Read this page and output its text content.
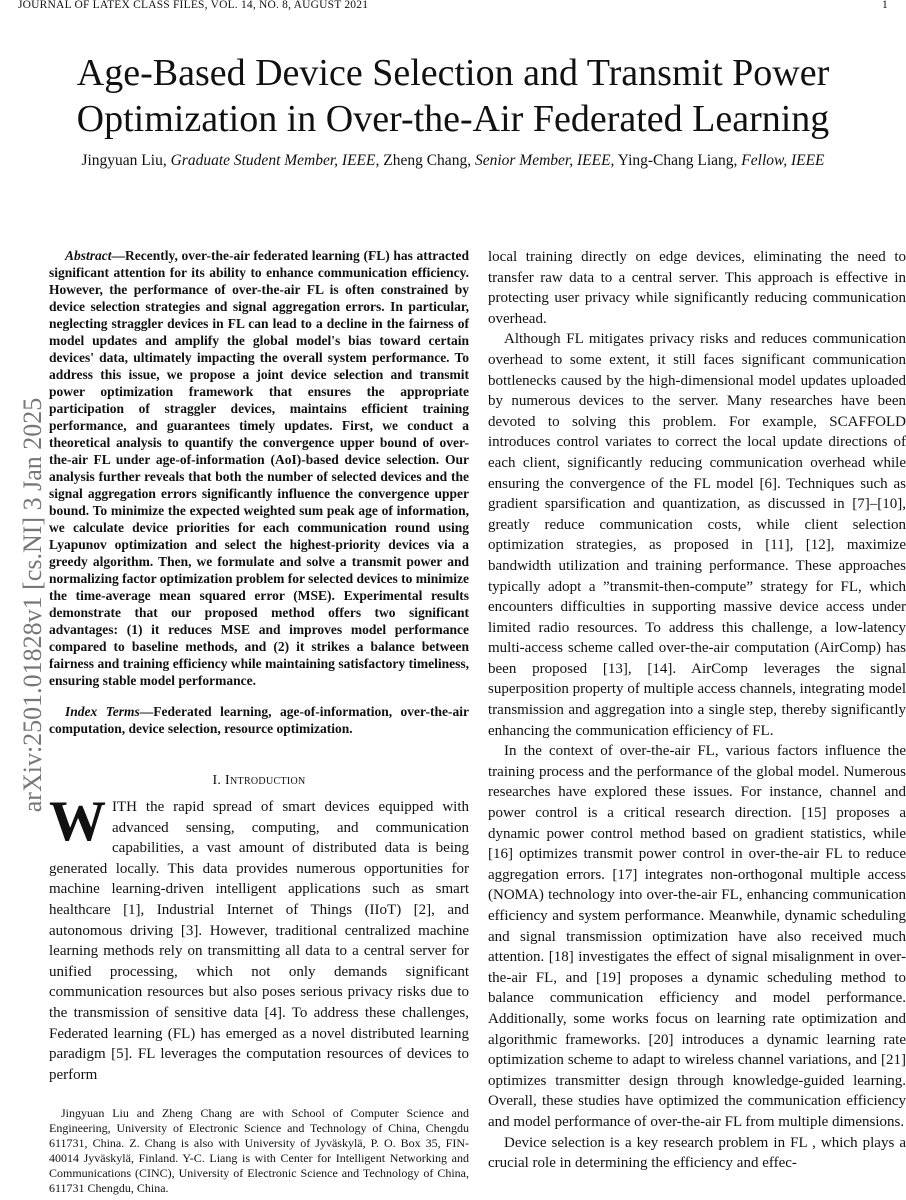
JOURNAL OF LATEX CLASS FILES, VOL. 14, NO. 8, AUGUST 2021	1
arXiv:2501.01828v1 [cs.NI] 3 Jan 2025
Age-Based Device Selection and Transmit Power Optimization in Over-the-Air Federated Learning
Jingyuan Liu, Graduate Student Member, IEEE, Zheng Chang, Senior Member, IEEE, Ying-Chang Liang, Fellow, IEEE

Abstract—Recently, over-the-air federated learning (FL) has attracted significant attention for its ability to enhance communication efficiency. However, the performance of over-the-air FL is often constrained by device selection strategies and signal aggregation errors. In particular, neglecting straggler devices in FL can lead to a decline in the fairness of model updates and amplify the global model's bias toward certain devices' data, ultimately impacting the overall system performance. To address this issue, we propose a joint device selection and transmit power optimization framework that ensures the appropriate participation of straggler devices, maintains efficient training performance, and guarantees timely updates. First, we conduct a theoretical analysis to quantify the convergence upper bound of over-the-air FL under age-of-information (AoI)-based device selection. Our analysis further reveals that both the number of selected devices and the signal aggregation errors significantly influence the convergence upper bound. To minimize the expected weighted sum peak age of information, we calculate device priorities for each communication round using Lyapunov optimization and select the highest-priority devices via a greedy algorithm. Then, we formulate and solve a transmit power and normalizing factor optimization problem for selected devices to minimize the time-average mean squared error (MSE). Experimental results demonstrate that our proposed method offers two significant advantages: (1) it reduces MSE and improves model performance compared to baseline methods, and (2) it strikes a balance between fairness and training efficiency while maintaining satisfactory timeliness, ensuring stable model performance.

Index Terms—Federated learning, age-of-information, over-the-air computation, device selection, resource optimization.

I. Introduction

WITH the rapid spread of smart devices equipped with advanced sensing, computing, and communication capabilities, a vast amount of distributed data is being generated locally. This data provides numerous opportunities for machine learning-driven intelligent applications such as smart healthcare [1], Industrial Internet of Things (IIoT) [2], and autonomous driving [3]. However, traditional centralized machine learning methods rely on transmitting all data to a central server for unified processing, which not only demands significant communication resources but also poses serious privacy risks due to the transmission of sensitive data [4]. To address these challenges, Federated learning (FL) has emerged as a novel distributed learning paradigm [5]. FL leverages the computation resources of devices to perform

Jingyuan Liu and Zheng Chang are with School of Computer Science and Engineering, University of Electronic Science and Technology of China, Chengdu 611731, China. Z. Chang is also with University of Jyväskylä, P. O. Box 35, FIN-40014 Jyväskylä, Finland. Y-C. Liang is with Center for Intelligent Networking and Communications (CINC), University of Electronic Science and Technology of China, 611731 Chengdu, China.

local training directly on edge devices, eliminating the need to transfer raw data to a central server. This approach is effective in protecting user privacy while significantly reducing communication overhead.

Although FL mitigates privacy risks and reduces communication overhead to some extent, it still faces significant communication bottlenecks caused by the high-dimensional model updates uploaded by numerous devices to the server. Many researches have been devoted to solving this problem. For example, SCAFFOLD introduces control variates to correct the local update directions of each client, significantly reducing communication overhead while ensuring the convergence of the FL model [6]. Techniques such as gradient sparsification and quantization, as discussed in [7]–[10], greatly reduce communication costs, while client selection optimization strategies, as proposed in [11], [12], maximize bandwidth utilization and training performance. These approaches typically adopt a ”transmit-then-compute” strategy for FL, which encounters difficulties in supporting massive device access under limited radio resources. To address this challenge, a low-latency multi-access scheme called over-the-air computation (AirComp) has been proposed [13], [14]. AirComp leverages the signal superposition property of multiple access channels, integrating model transmission and aggregation into a single step, thereby significantly enhancing the communication efficiency of FL.

In the context of over-the-air FL, various factors influence the training process and the performance of the global model. Numerous researches have explored these issues. For instance, channel and power control is a critical research direction. [15] proposes a dynamic power control method based on gradient statistics, while [16] optimizes transmit power control in over-the-air FL to reduce aggregation errors. [17] integrates non-orthogonal multiple access (NOMA) technology into over-the-air FL, enhancing communication efficiency and system performance. Meanwhile, dynamic scheduling and signal transmission optimization have also received much attention. [18] investigates the effect of signal misalignment in over-the-air FL, and [19] proposes a dynamic scheduling method to balance communication efficiency and model performance. Additionally, some works focus on learning rate optimization and algorithmic frameworks. [20] introduces a dynamic learning rate optimization scheme to adapt to wireless channel variations, and [21] optimizes transmitter design through knowledge-guided learning. Overall, these studies have optimized the communication efficiency and model performance of over-the-air FL from multiple dimensions.

Device selection is a key research problem in FL , which plays a crucial role in determining the efficiency and effec-
